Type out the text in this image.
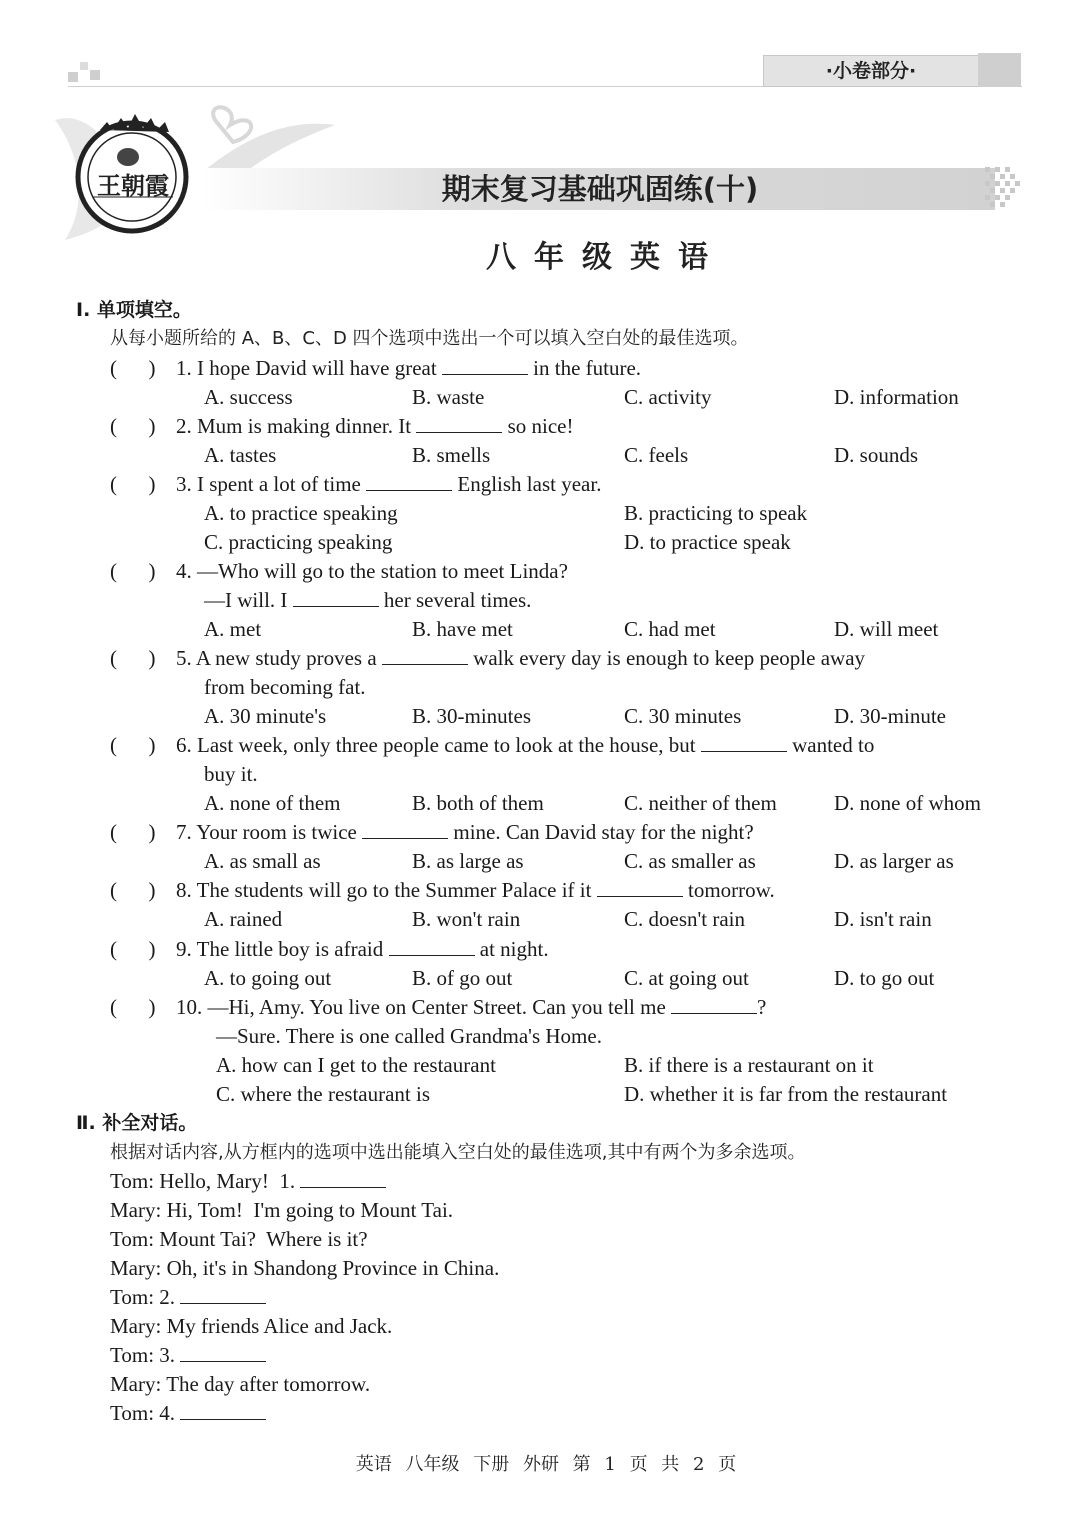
·小卷部分·
王朝霞	期末复习基础巩固练(十)
八年级英语
Ⅰ. 单项填空。
从每小题所给的 A、B、C、D 四个选项中选出一个可以填入空白处的最佳选项。
(      ) 1. I hope David will have great	in the future.
A. success	B. waste	C. activity	D. information
(      ) 2. Mum is making dinner. It	so nice!
A. tastes	B. smells	C. feels	D. sounds
(      ) 3. I spent a lot of time	English last year.
A. to practice speaking	B. practicing to speak
C. practicing speaking	D. to practice speak
(      ) 4. —Who will go to the station to meet Linda?
—I will. I	her several times.
A. met	B. have met	C. had met	D. will meet
(      ) 5. A new study proves a	walk every day is enough to keep people away
from becoming fat.
A. 30 minute's	B. 30-minutes	C. 30 minutes	D. 30-minute
(      ) 6. Last week, only three people came to look at the house, but	wanted to
buy it.
A. none of them	B. both of them	C. neither of them	D. none of whom
(      ) 7. Your room is twice	mine. Can David stay for the night?
A. as small as	B. as large as	C. as smaller as	D. as larger as
(      ) 8. The students will go to the Summer Palace if it	tomorrow.
A. rained	B. won't rain	C. doesn't rain	D. isn't rain
(      ) 9. The little boy is afraid	at night.
A. to going out	B. of go out	C. at going out	D. to go out
(      ) 10. —Hi, Amy. You live on Center Street. Can you tell me	?
—Sure. There is one called Grandma's Home.
A. how can I get to the restaurant	B. if there is a restaurant on it
C. where the restaurant is	D. whether it is far from the restaurant
Ⅱ. 补全对话。
根据对话内容,从方框内的选项中选出能填入空白处的最佳选项,其中有两个为多余选项。
Tom: Hello, Mary!  1.
Mary: Hi, Tom!  I'm going to Mount Tai.
Tom: Mount Tai?  Where is it?
Mary: Oh, it's in Shandong Province in China.
Tom: 2.
Mary: My friends Alice and Jack.
Tom: 3.
Mary: The day after tomorrow.
Tom: 4.
英语 八年级 下册 外研 第 1 页 共 2 页
